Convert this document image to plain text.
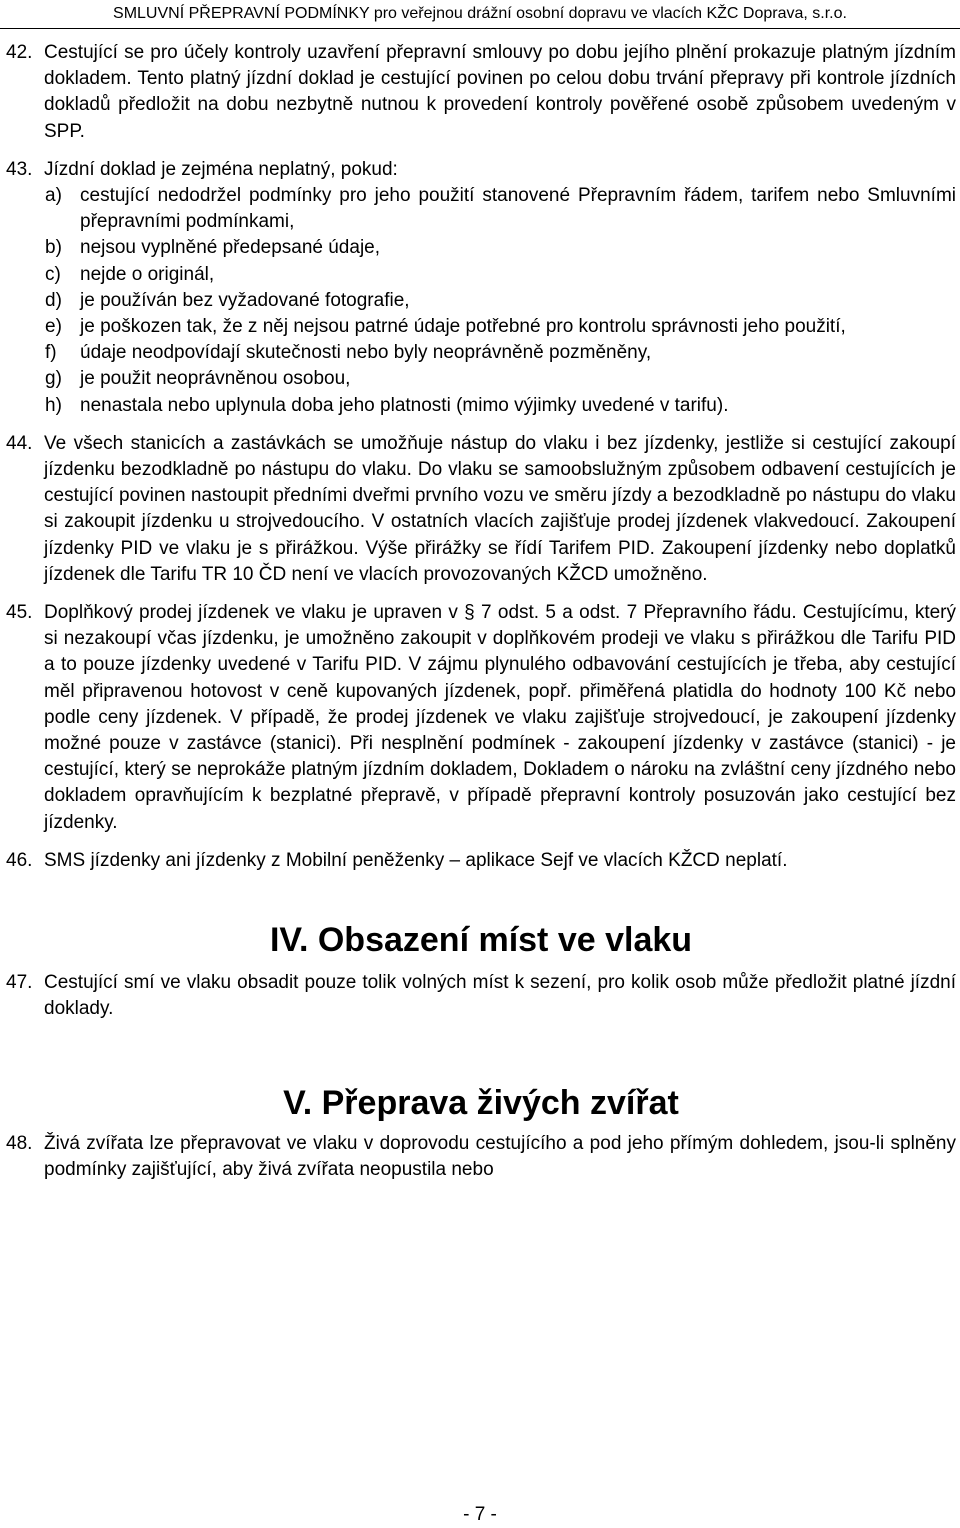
SMLUVNÍ PŘEPRAVNÍ PODMÍNKY pro veřejnou drážní osobní dopravu ve vlacích KŽC Doprava, s.r.o.
42. Cestující se pro účely kontroly uzavření přepravní smlouvy po dobu jejího plnění prokazuje platným jízdním dokladem. Tento platný jízdní doklad je cestující povinen po celou dobu trvání přepravy při kontrole jízdních dokladů předložit na dobu nezbytně nutnou k provedení kontroly pověřené osobě způsobem uvedeným v SPP.
43. Jízdní doklad je zejména neplatný, pokud:
a) cestující nedodržel podmínky pro jeho použití stanovené Přepravním řádem, tarifem nebo Smluvními přepravními podmínkami,
b) nejsou vyplněné předepsané údaje,
c)	nejde o originál,
d) je používán bez vyžadované fotografie,
e) je poškozen tak, že z něj nejsou patrné údaje potřebné pro kontrolu správnosti jeho použití,
f)	údaje neodpovídají skutečnosti nebo byly neoprávněně pozměněny,
g) je použit neoprávněnou osobou,
h) nenastala nebo uplynula doba jeho platnosti (mimo výjimky uvedené v tarifu).
44. Ve všech stanicích a zastávkách se umožňuje nástup do vlaku i bez jízdenky, jestliže si cestující zakoupí jízdenku bezodkladně po nástupu do vlaku. Do vlaku se samoobslužným způsobem odbavení cestujících je cestující povinen nastoupit předními dveřmi prvního vozu ve směru jízdy a bezodkladně po nástupu do vlaku si zakoupit jízdenku u strojvedoucího. V ostatních vlacích zajišťuje prodej jízdenek vlakvedoucí. Zakoupení jízdenky PID ve vlaku je s přirážkou. Výše přirážky se řídí Tarifem PID. Zakoupení jízdenky nebo doplatků jízdenek dle Tarifu TR 10 ČD není ve vlacích provozovaných KŽCD umožněno.
45. Doplňkový prodej jízdenek ve vlaku je upraven v § 7 odst. 5 a odst. 7 Přepravního řádu. Cestujícímu, který si nezakoupí včas jízdenku, je umožněno zakoupit v doplňkovém prodeji ve vlaku s přirážkou dle Tarifu PID a to pouze jízdenky uvedené v Tarifu PID. V zájmu plynulého odbavování cestujících je třeba, aby cestující měl připravenou hotovost v ceně kupovaných jízdenek, popř. přiměřená platidla do hodnoty 100 Kč nebo podle ceny jízdenek. V případě, že prodej jízdenek ve vlaku zajišťuje strojvedoucí, je zakoupení jízdenky možné pouze v zastávce (stanici). Při nesplnění podmínek - zakoupení jízdenky v zastávce (stanici) - je cestující, který se neprokáže platným jízdním dokladem, Dokladem o nároku na zvláštní ceny jízdného nebo dokladem opravňujícím k bezplatné přepravě, v případě přepravní kontroly posuzován jako cestující bez jízdenky.
46. SMS jízdenky ani jízdenky z Mobilní peněženky – aplikace Sejf ve vlacích KŽCD neplatí.
IV. Obsazení míst ve vlaku
47. Cestující smí ve vlaku obsadit pouze tolik volných míst k sezení, pro kolik osob může předložit platné jízdní doklady.
V. Přeprava živých zvířat
48. Živá zvířata lze přepravovat ve vlaku v doprovodu cestujícího a pod jeho přímým dohledem, jsou-li splněny podmínky zajišťující, aby živá zvířata neopustila nebo
- 7 -
